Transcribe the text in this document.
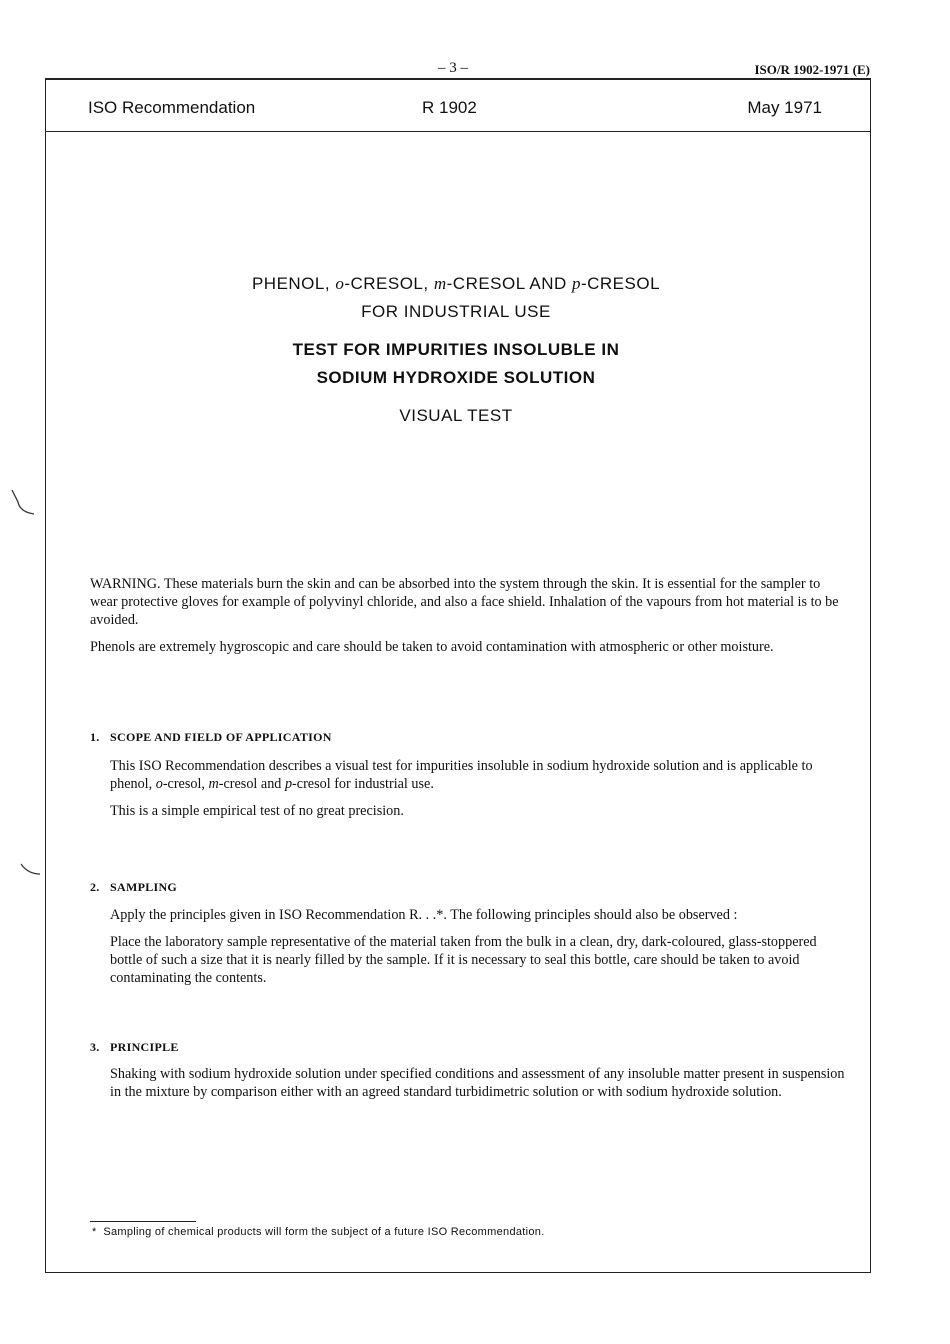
– 3 –	ISO/R 1902-1971 (E)
ISO Recommendation	R 1902	May 1971
PHENOL, o-CRESOL, m-CRESOL AND p-CRESOL
FOR INDUSTRIAL USE
TEST FOR IMPURITIES INSOLUBLE IN
SODIUM HYDROXIDE SOLUTION
VISUAL TEST

WARNING. These materials burn the skin and can be absorbed into the system through the skin. It is essential for the sampler to wear protective gloves for example of polyvinyl chloride, and also a face shield. Inhalation of the vapours from hot material is to be avoided.

Phenols are extremely hygroscopic and care should be taken to avoid contamination with atmospheric or other moisture.

1. SCOPE AND FIELD OF APPLICATION

This ISO Recommendation describes a visual test for impurities insoluble in sodium hydroxide solution and is applicable to phenol, o-cresol, m-cresol and p-cresol for industrial use.

This is a simple empirical test of no great precision.

2. SAMPLING

Apply the principles given in ISO Recommendation R. . .*. The following principles should also be observed :

Place the laboratory sample representative of the material taken from the bulk in a clean, dry, dark-coloured, glass-stoppered bottle of such a size that it is nearly filled by the sample. If it is necessary to seal this bottle, care should be taken to avoid contaminating the contents.

3. PRINCIPLE

Shaking with sodium hydroxide solution under specified conditions and assessment of any insoluble matter present in suspension in the mixture by comparison either with an agreed standard turbidimetric solution or with sodium hydroxide solution.

* Sampling of chemical products will form the subject of a future ISO Recommendation.
